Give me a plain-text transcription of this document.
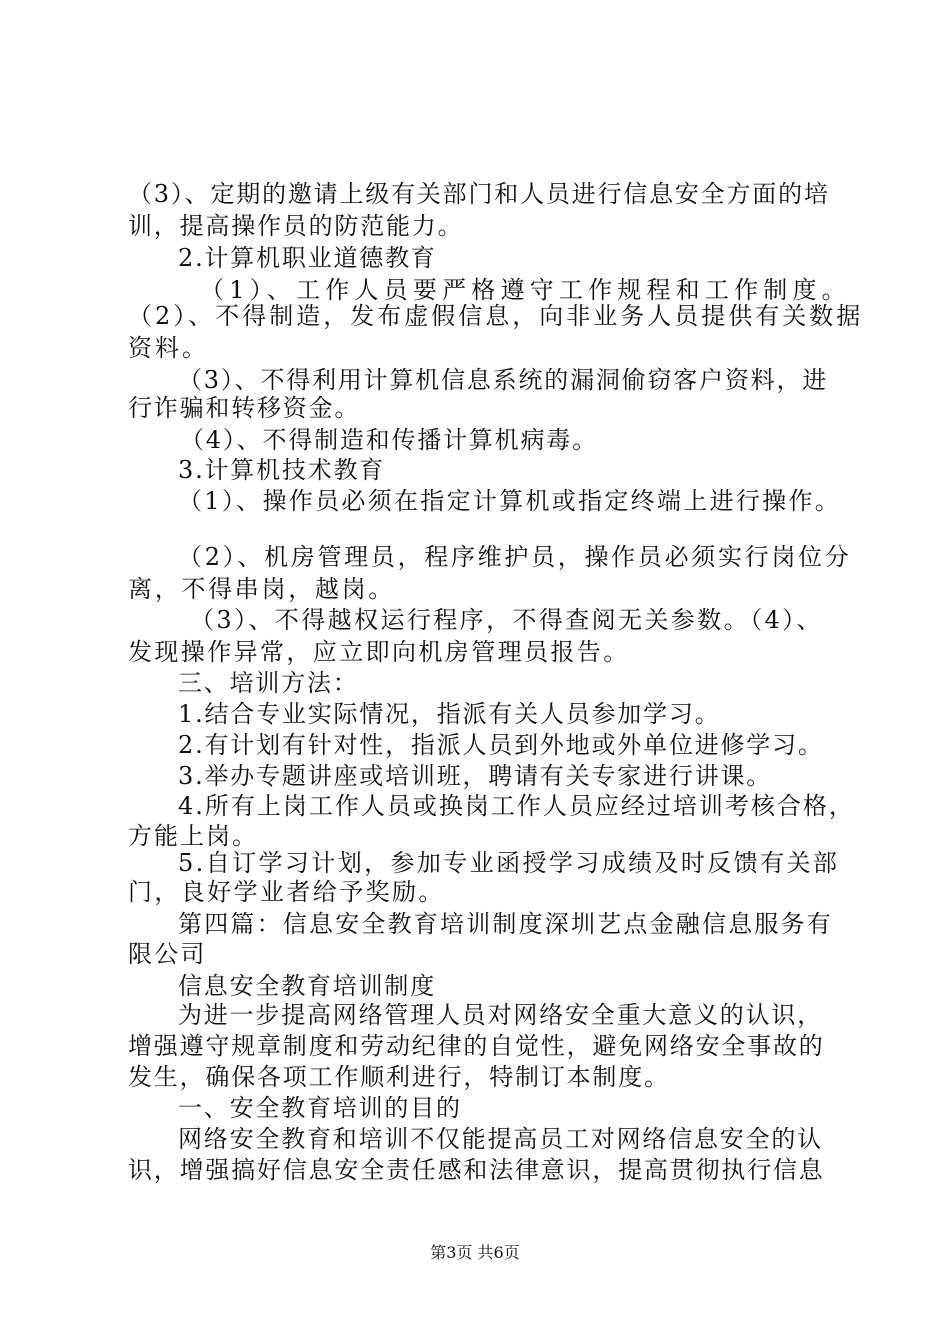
（3）、定期的邀请上级有关部门和人员进行信息安全方面的培
训，提高操作员的防范能力。
2.计算机职业道德教育
（1）、工作人员要严格遵守工作规程和工作制度。
（2）、不得制造，发布虚假信息，向非业务人员提供有关数据
资料。
（3）、不得利用计算机信息系统的漏洞偷窃客户资料，进
行诈骗和转移资金。
（4）、不得制造和传播计算机病毒。
3.计算机技术教育
（1）、操作员必须在指定计算机或指定终端上进行操作。
（2）、机房管理员，程序维护员，操作员必须实行岗位分
离，不得串岗，越岗。
（3）、不得越权运行程序，不得查阅无关参数。（4）、
发现操作异常，应立即向机房管理员报告。
三、培训方法：
1.结合专业实际情况，指派有关人员参加学习。
2.有计划有针对性，指派人员到外地或外单位进修学习。
3.举办专题讲座或培训班，聘请有关专家进行讲课。
4.所有上岗工作人员或换岗工作人员应经过培训考核合格，
方能上岗。
5.自订学习计划，参加专业函授学习成绩及时反馈有关部
门，良好学业者给予奖励。
第四篇：信息安全教育培训制度深圳艺点金融信息服务有
限公司
信息安全教育培训制度
为进一步提高网络管理人员对网络安全重大意义的认识，
增强遵守规章制度和劳动纪律的自觉性，避免网络安全事故的
发生，确保各项工作顺利进行，特制订本制度。
一、安全教育培训的目的
网络安全教育和培训不仅能提高员工对网络信息安全的认
识，增强搞好信息安全责任感和法律意识，提高贯彻执行信息
第3页 共6页
